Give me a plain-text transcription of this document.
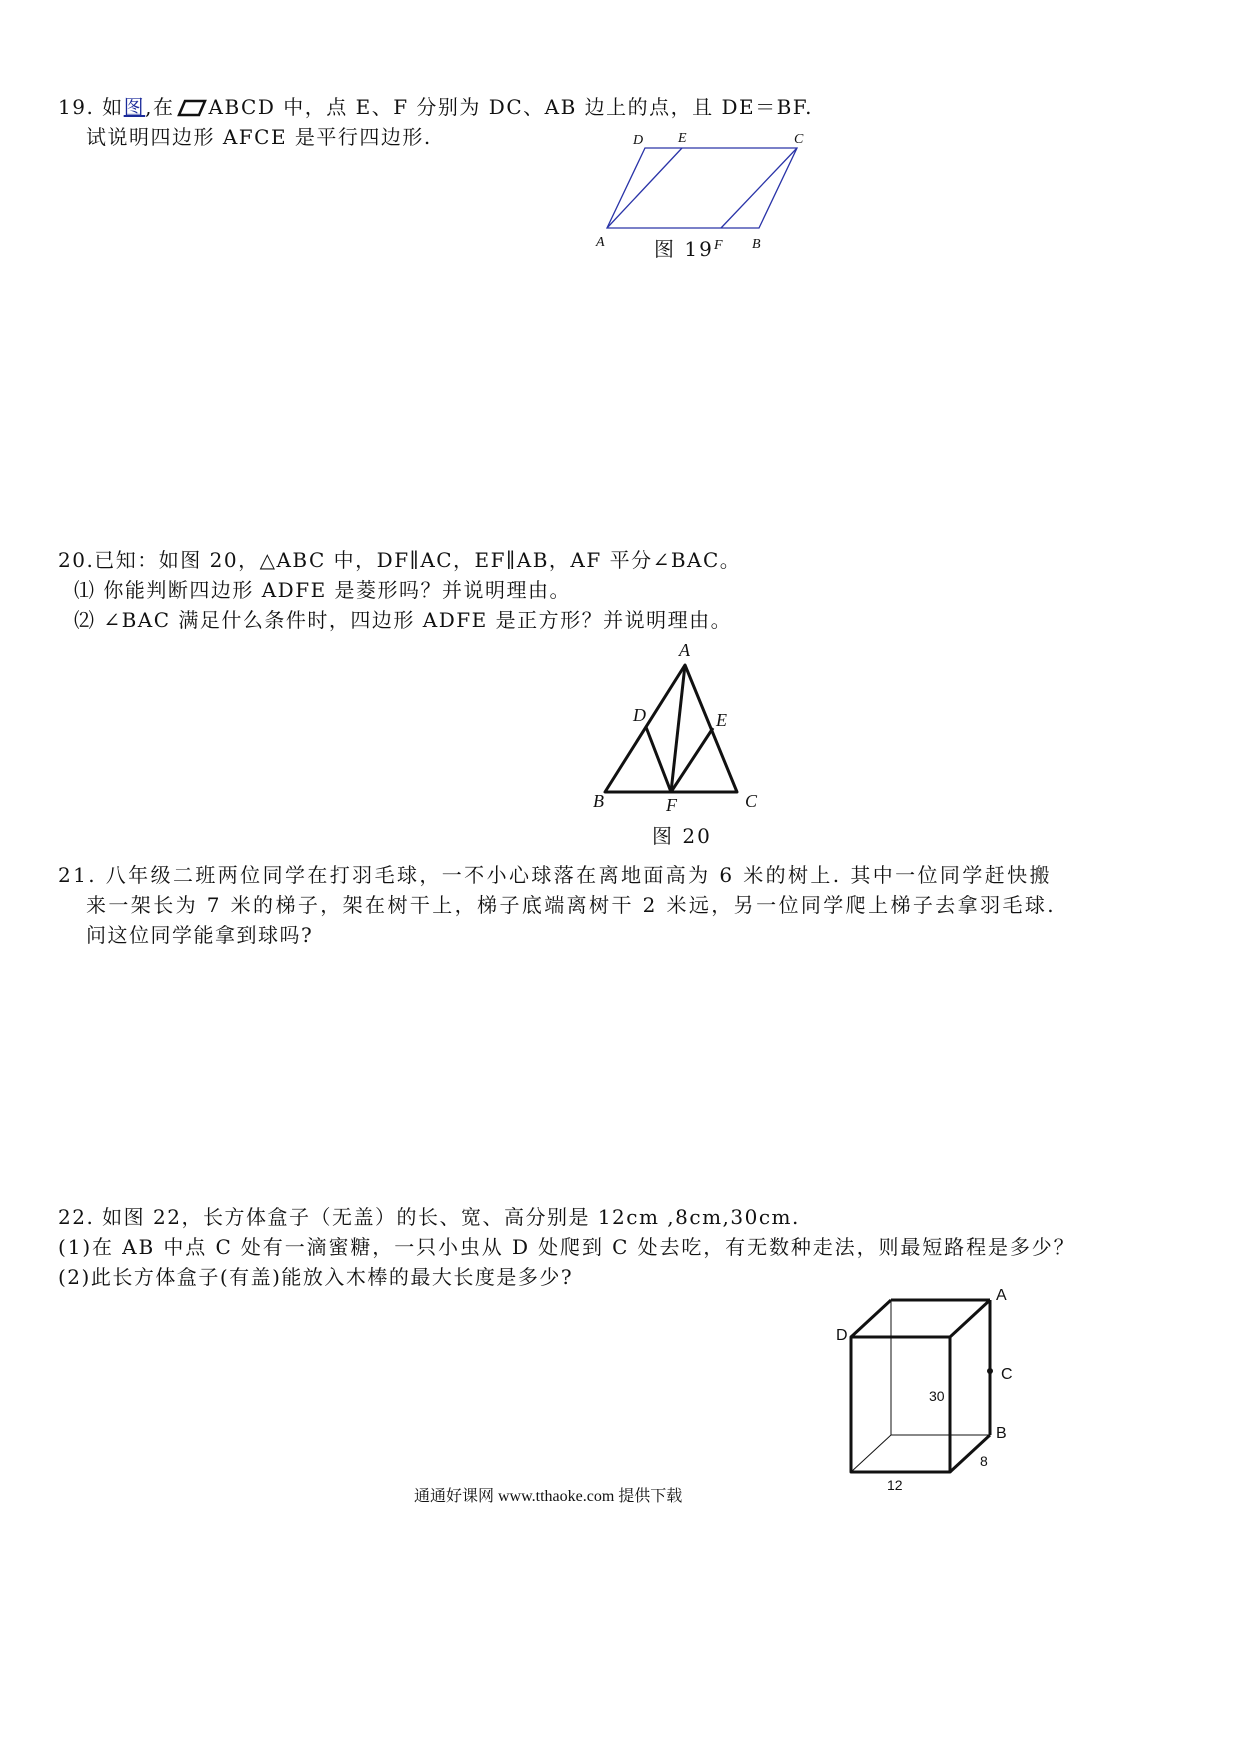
19. 如图,在 ABCD 中，点 E、F 分别为 DC、AB 边上的点，且 DE＝BF.
试说明四边形 AFCE 是平行四边形.	D E	C
A	F B
图 19
20.已知：如图 20，△ABC 中，DF∥AC，EF∥AB，AF 平分∠BAC。
⑴ 你能判断四边形 ADFE 是菱形吗？并说明理由。
⑵ ∠BAC 满足什么条件时，四边形 ADFE 是正方形？并说明理由。
A
D	E
B	F	C
图 20
21. 八年级二班两位同学在打羽毛球，一不小心球落在离地面高为 6 米的树上. 其中一位同学赶快搬
来一架长为 7 米的梯子，架在树干上，梯子底端离树干 2 米远，另一位同学爬上梯子去拿羽毛球.
问这位同学能拿到球吗?
22. 如图 22，长方体盒子（无盖）的长、宽、高分别是 12cm ,8cm,30cm.
(1)在 AB 中点 C 处有一滴蜜糖，一只小虫从 D 处爬到 C 处去吃，有无数种走法，则最短路程是多少？
(2)此长方体盒子(有盖)能放入木棒的最大长度是多少?
A
D
C
B
30
8
12
通通好课网 www.tthaoke.com 提供下载
